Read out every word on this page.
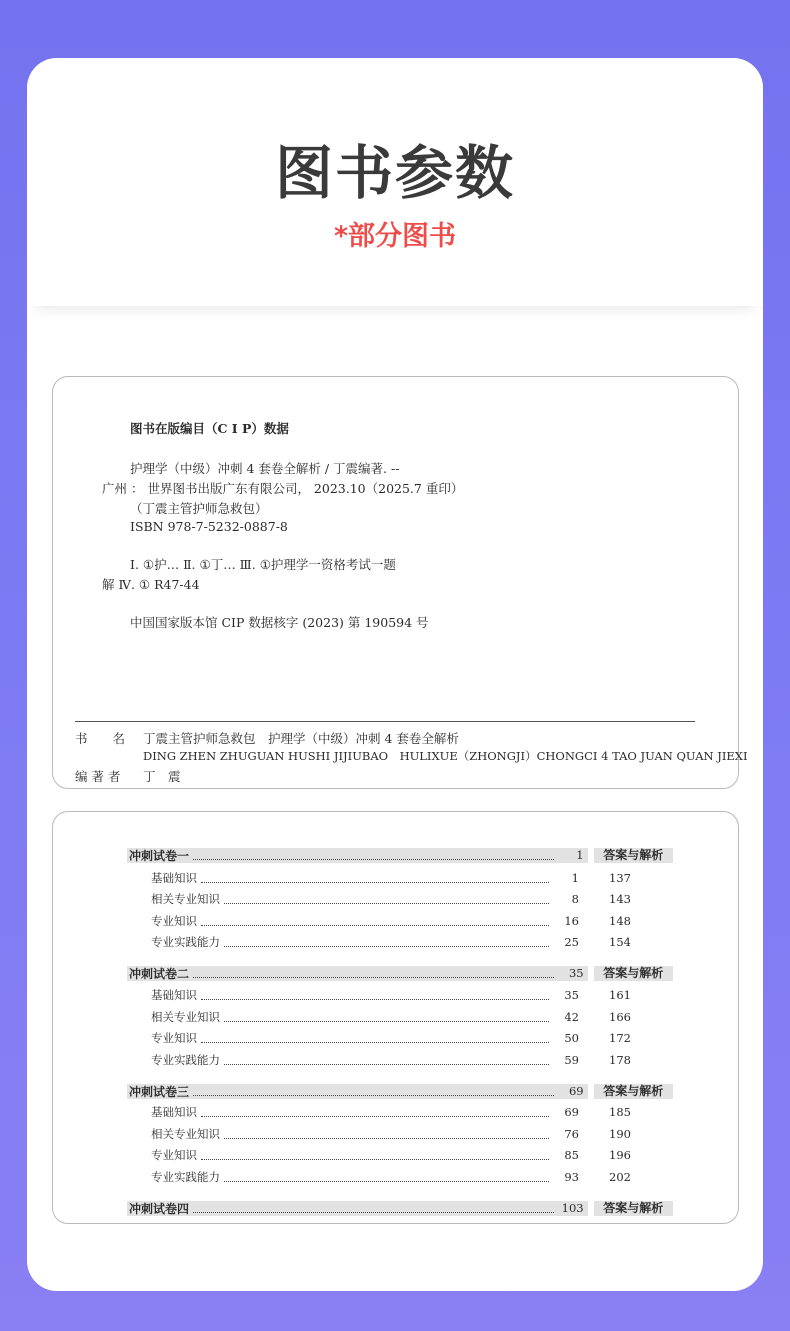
图书参数
*部分图书
图书在版编目（C I P）数据
护理学（中级）冲刺 4 套卷全解析 / 丁震编著. --
广州 ： 世界图书出版广东有限公司， 2023.10（2025.7 重印）
（丁震主管护师急救包）
ISBN 978-7-5232-0887-8
Ⅰ. ①护… Ⅱ. ①丁… Ⅲ. ①护理学一资格考试一题
解 Ⅳ. ① R47-44
中国国家版本馆 CIP 数据核字 (2023) 第 190594 号
书　　名 丁震主管护师急救包　护理学（中级）冲刺 4 套卷全解析
DING ZHEN ZHUGUAN HUSHI JIJIUBAO　HULIXUE（ZHONGJI）CHONGCI 4 TAO JUAN QUAN JIEXI
编 著 者 丁　震
冲刺试卷一	1	答案与解析
基础知识	1	137
相关专业知识	8	143
专业知识	16	148
专业实践能力	25	154
冲刺试卷二	35	答案与解析
基础知识	35	161
相关专业知识	42	166
专业知识	50	172
专业实践能力	59	178
冲刺试卷三	69	答案与解析
基础知识	69	185
相关专业知识	76	190
专业知识	85	196
专业实践能力	93	202
冲刺试卷四	103	答案与解析
